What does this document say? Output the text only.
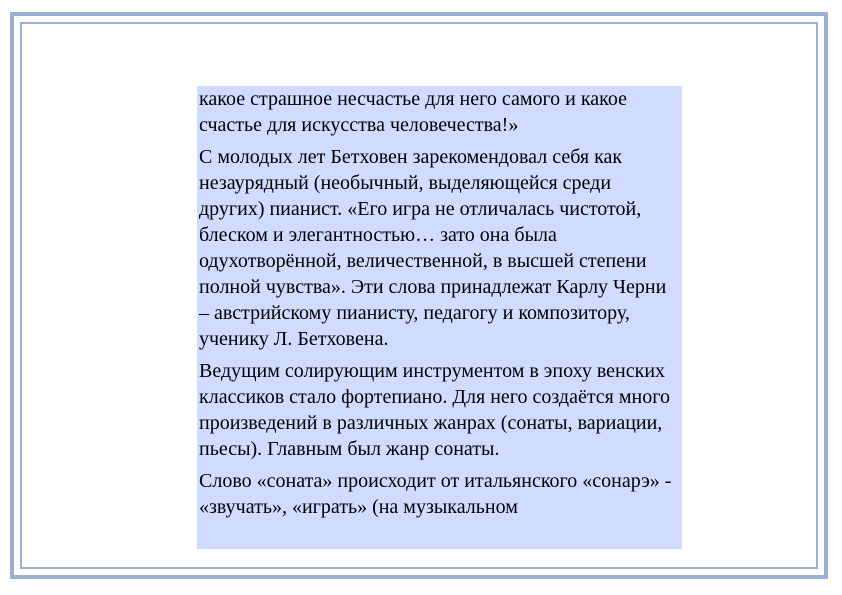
какое страшное несчастье для него самого и какое счастье для искусства человечества!»

С молодых лет Бетховен зарекомендовал себя как незаурядный (необычный, выделяющейся среди других) пианист. «Его игра не отличалась чистотой, блеском и элегантностью… зато она была одухотворённой, величественной, в высшей степени полной чувства». Эти слова принадлежат Карлу Черни – австрийскому пианисту, педагогу и композитору, ученику Л. Бетховена.

Ведущим солирующим инструментом в эпоху венских классиков стало фортепиано. Для него создаётся много произведений в различных жанрах (сонаты, вариации, пьесы). Главным был жанр сонаты.

Слово «соната» происходит от итальянского «сонарэ» - «звучать», «играть» (на музыкальном
